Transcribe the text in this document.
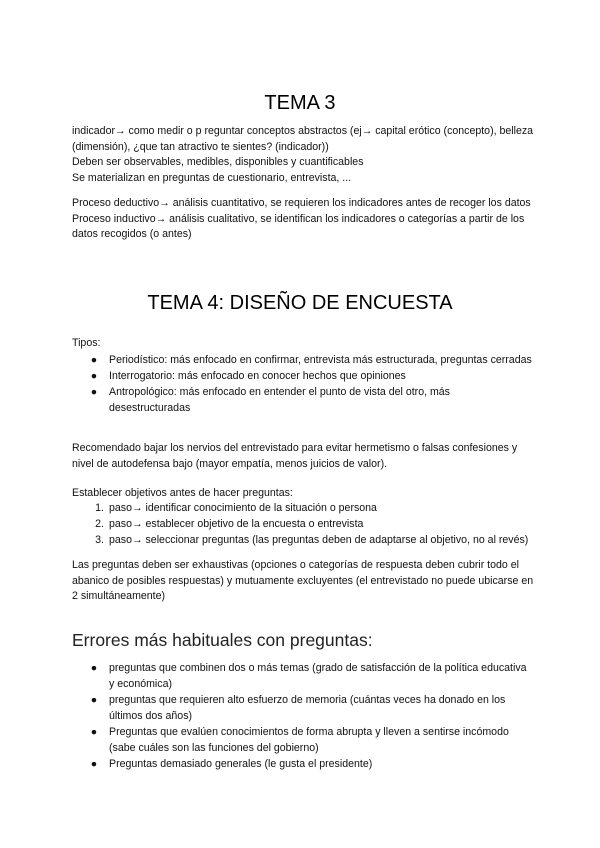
TEMA 3

indicador→ como medir o p reguntar conceptos abstractos (ej→ capital erótico (concepto), belleza (dimensión), ¿que tan atractivo te sientes? (indicador))

Deben ser observables, medibles, disponibles y cuantificables

Se materializan en preguntas de cuestionario, entrevista, ...

Proceso deductivo→ análisis cuantitativo, se requieren los indicadores antes de recoger los datos

Proceso inductivo→ análisis cualitativo, se identifican los indicadores o categorías a partir de los datos recogidos (o antes)

TEMA 4: DISEÑO DE ENCUESTA

Tipos:

●	Periodístico: más enfocado en confirmar, entrevista más estructurada, preguntas cerradas
●	Interrogatorio: más enfocado en conocer hechos que opiniones
●	Antropológico: más enfocado en entender el punto de vista del otro, más desestructuradas

Recomendado bajar los nervios del entrevistado para evitar hermetismo o falsas confesiones y nivel de autodefensa bajo (mayor empatía, menos juicios de valor).

Establecer objetivos antes de hacer preguntas:

1. paso→ identificar conocimiento de la situación o persona
2. paso→ establecer objetivo de la encuesta o entrevista
3. paso→ seleccionar preguntas (las preguntas deben de adaptarse al objetivo, no al revés)

Las preguntas deben ser exhaustivas (opciones o categorías de respuesta deben cubrir todo el abanico de posibles respuestas) y mutuamente excluyentes (el entrevistado no puede ubicarse en 2 simultáneamente)

Errores más habituales con preguntas:
●	preguntas que combinen dos o más temas (grado de satisfacción de la política educativa y económica)
●	preguntas que requieren alto esfuerzo de memoria (cuántas veces ha donado en los últimos dos años)
●	Preguntas que evalúen conocimientos de forma abrupta y lleven a sentirse incómodo (sabe cuáles son las funciones del gobierno)
●	Preguntas demasiado generales (le gusta el presidente)
